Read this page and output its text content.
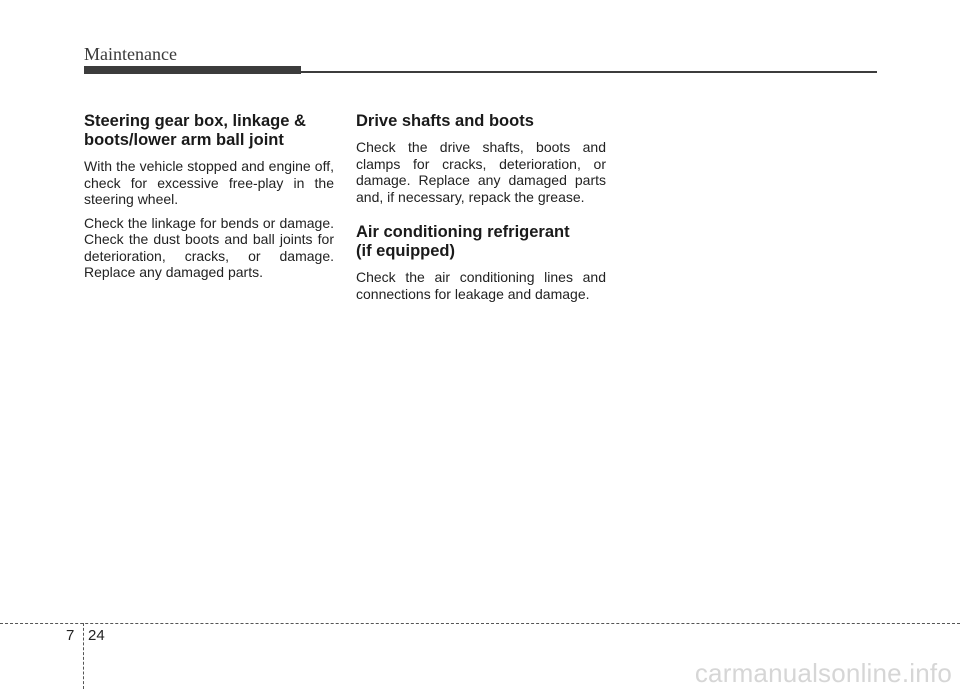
Maintenance
Steering gear box, linkage &
boots/lower arm ball joint

With the vehicle stopped and engine off, check for excessive free-play in the steering wheel.

Check the linkage for bends or damage. Check the dust boots and ball joints for deterioration, cracks, or damage. Replace any damaged parts.

Drive shafts and boots

Check the drive shafts, boots and clamps for cracks, deterioration, or damage. Replace any damaged parts and, if necessary, repack the grease.

Air conditioning refrigerant
(if equipped)

Check the air conditioning lines and connections for leakage and damage.

7 24
carmanualsonline.info
